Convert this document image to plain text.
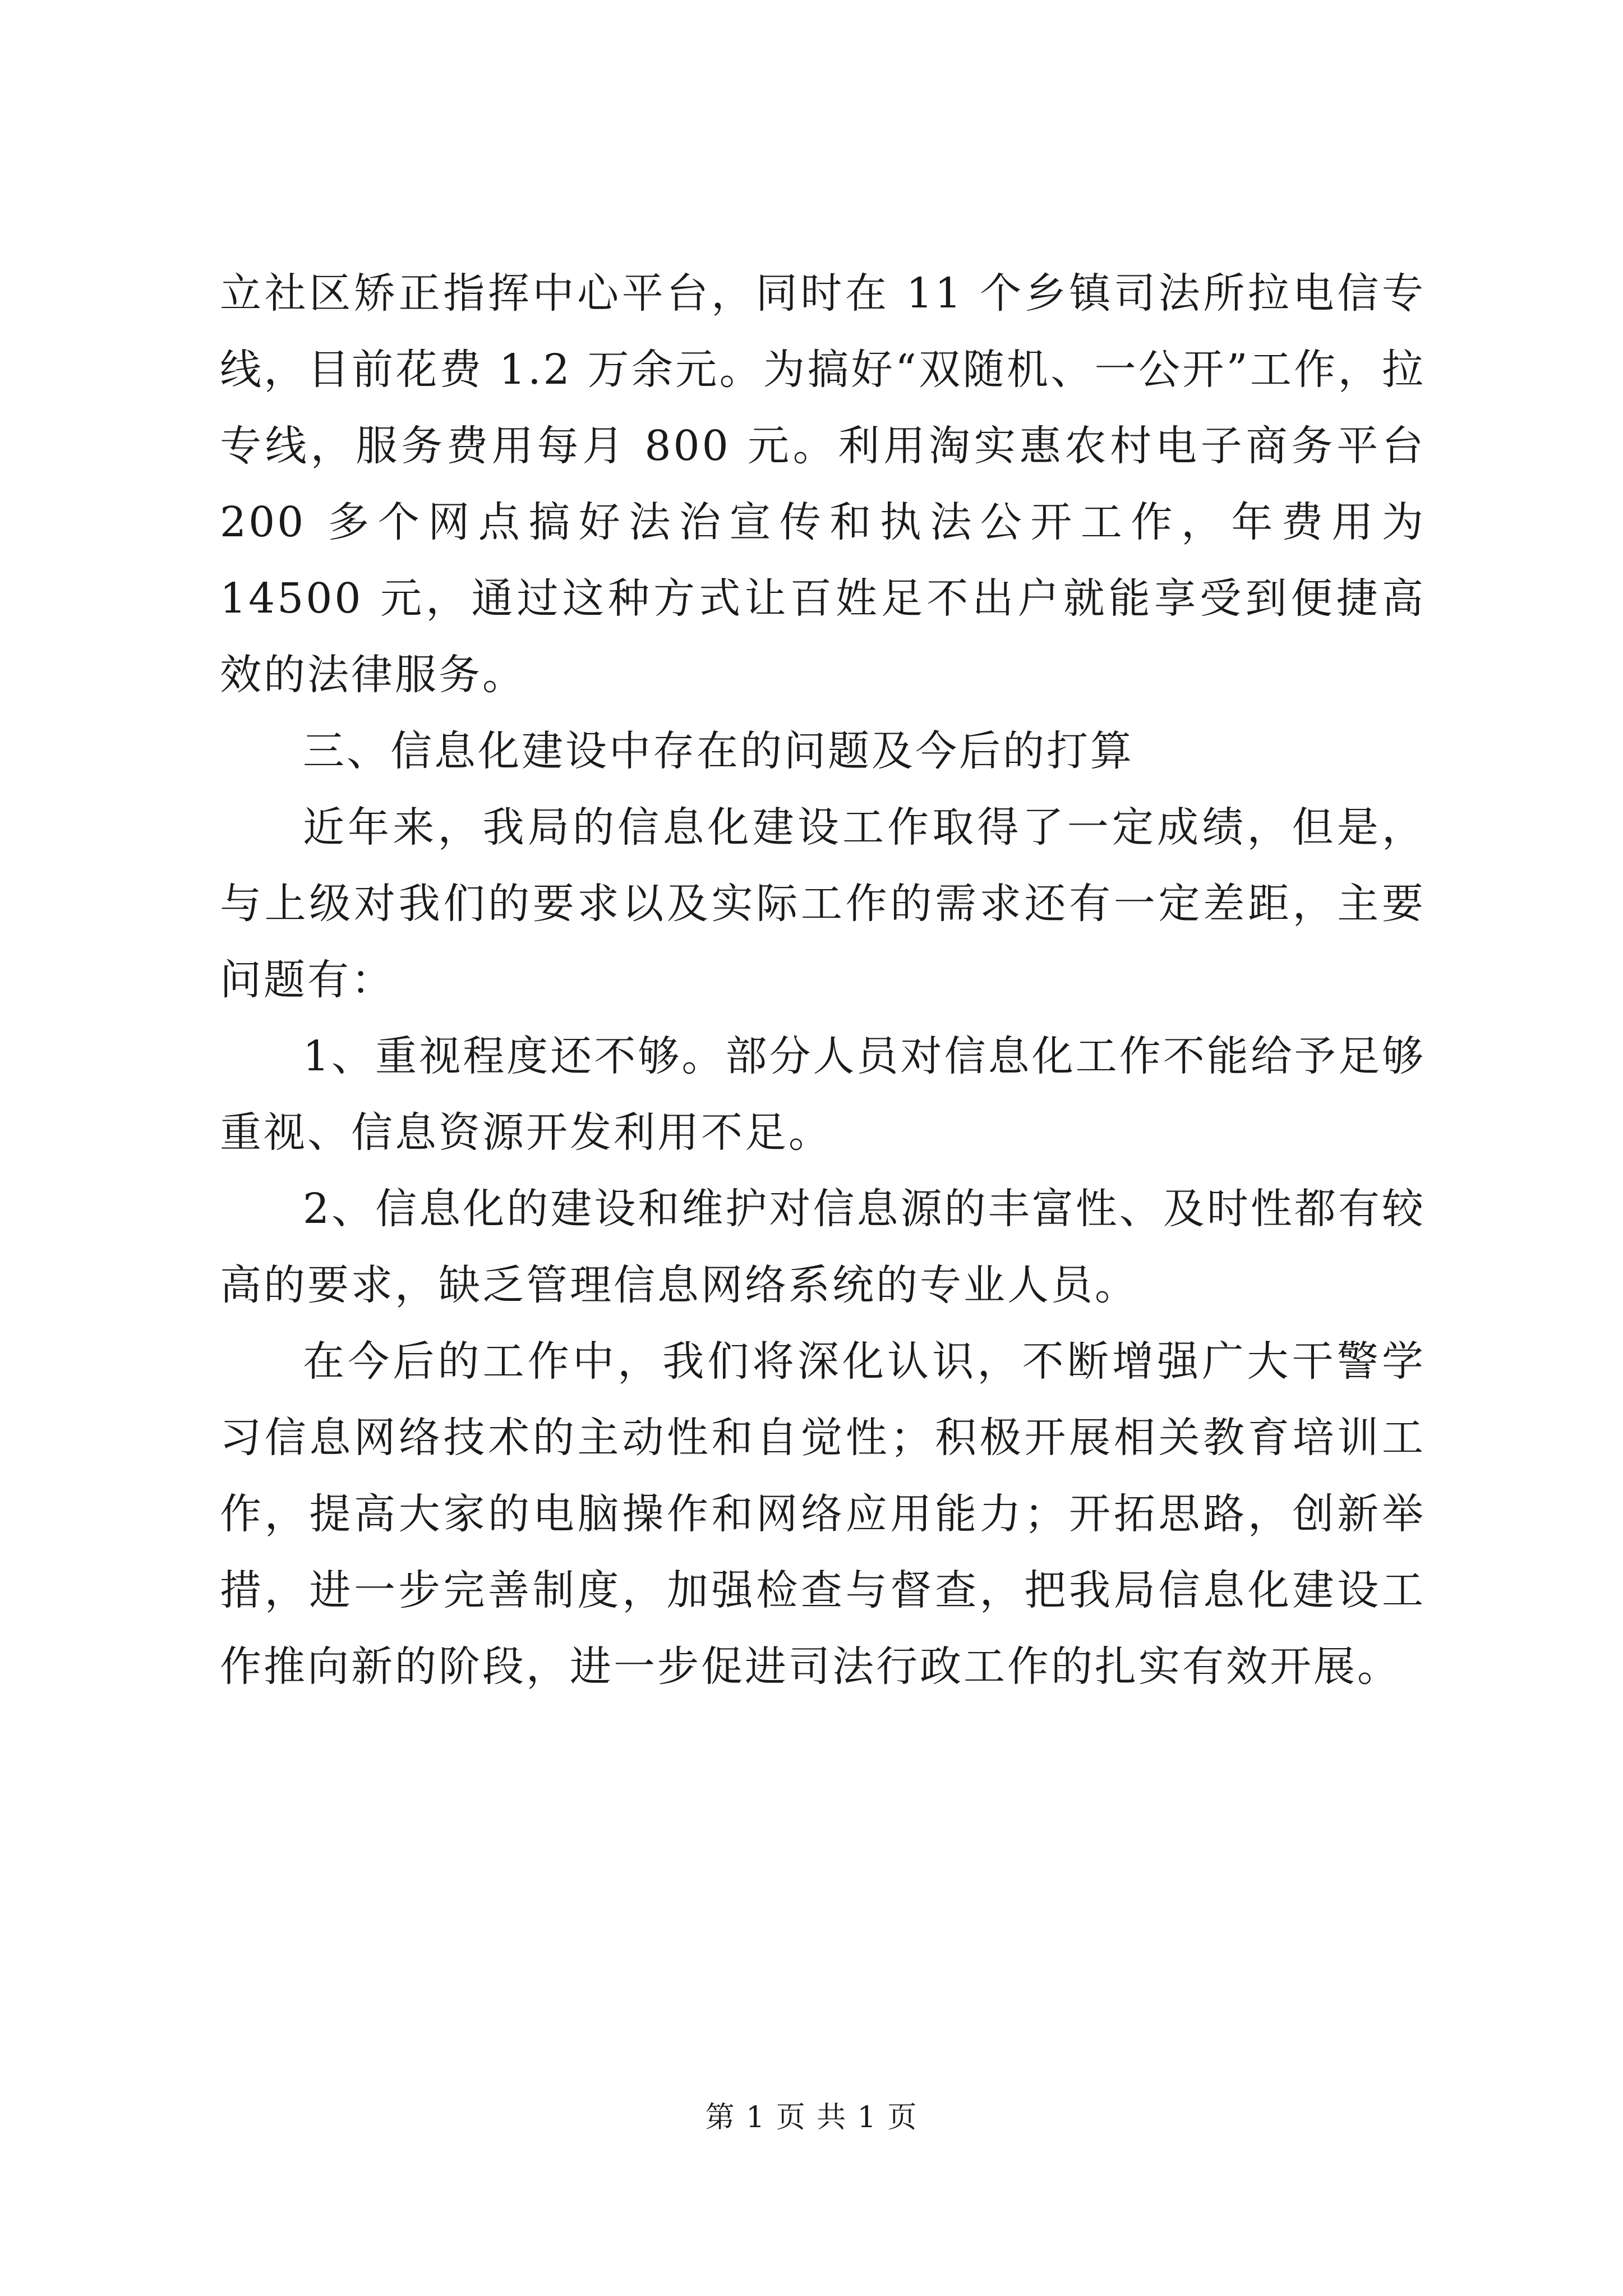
立社区矫正指挥中心平台，同时在 11 个乡镇司法所拉电信专线，目前花费 1.2 万余元。为搞好“双随机、一公开”工作，拉专线，服务费用每月 800 元。利用淘实惠农村电子商务平台 200 多个网点搞好法治宣传和执法公开工作，年费用为 14500 元，通过这种方式让百姓足不出户就能享受到便捷高效的法律服务。

三、信息化建设中存在的问题及今后的打算

近年来，我局的信息化建设工作取得了一定成绩，但是，与上级对我们的要求以及实际工作的需求还有一定差距，主要问题有：

1、重视程度还不够。部分人员对信息化工作不能给予足够重视、信息资源开发利用不足。

2、信息化的建设和维护对信息源的丰富性、及时性都有较高的要求，缺乏管理信息网络系统的专业人员。

在今后的工作中，我们将深化认识，不断增强广大干警学习信息网络技术的主动性和自觉性；积极开展相关教育培训工作，提高大家的电脑操作和网络应用能力；开拓思路，创新举措，进一步完善制度，加强检查与督查，把我局信息化建设工作推向新的阶段，进一步促进司法行政工作的扎实有效开展。

第 1 页 共 1 页
